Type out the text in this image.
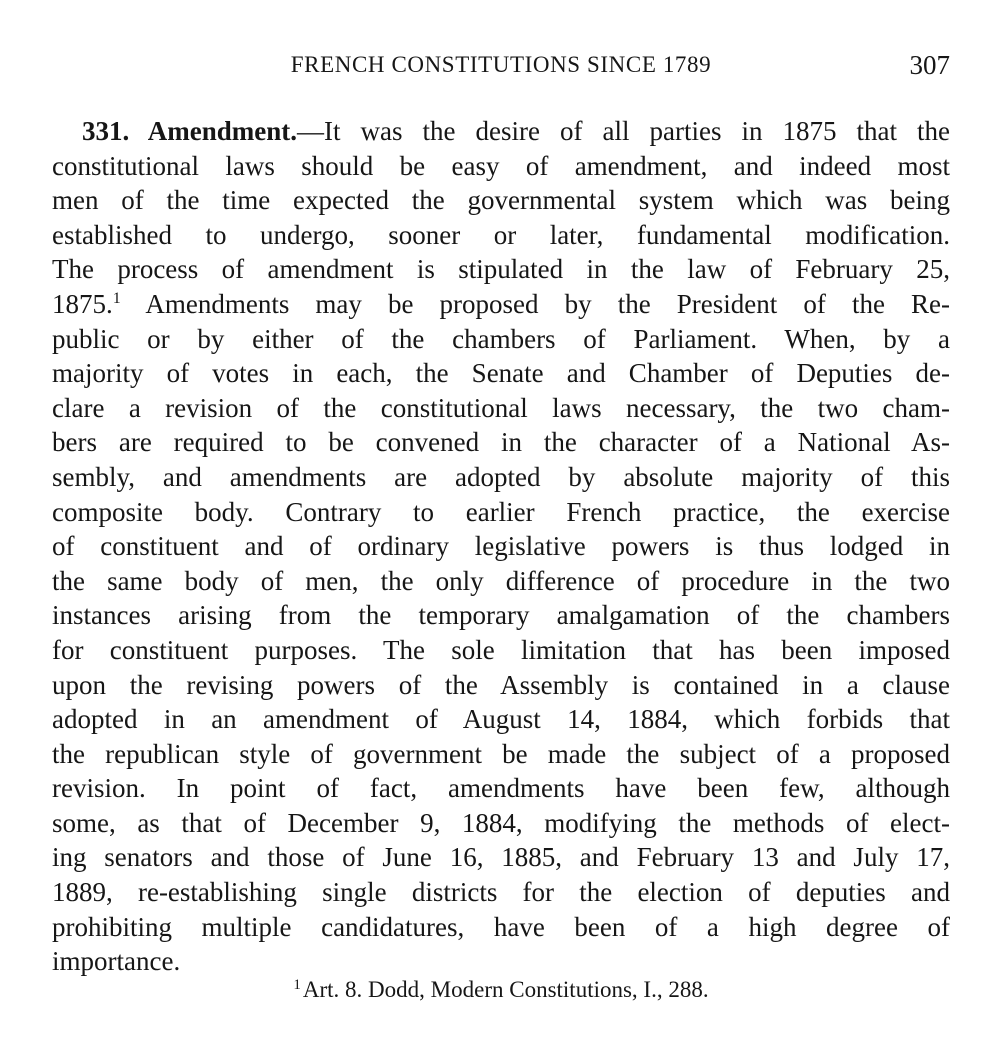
FRENCH CONSTITUTIONS SINCE 1789	307
331. Amendment.—It was the desire of all parties in 1875 that the
constitutional laws should be easy of amendment, and indeed most
men of the time expected the governmental system which was being
established to undergo, sooner or later, fundamental modification.
The process of amendment is stipulated in the law of February 25,
1875.$^1$ Amendments may be proposed by the President of the Re-
public or by either of the chambers of Parliament. When, by a
majority of votes in each, the Senate and Chamber of Deputies de-
clare a revision of the constitutional laws necessary, the two cham-
bers are required to be convened in the character of a National As-
sembly, and amendments are adopted by absolute majority of this
composite body. Contrary to earlier French practice, the exercise
of constituent and of ordinary legislative powers is thus lodged in
the same body of men, the only difference of procedure in the two
instances arising from the temporary amalgamation of the chambers
for constituent purposes. The sole limitation that has been imposed
upon the revising powers of the Assembly is contained in a clause
adopted in an amendment of August 14, 1884, which forbids that
the republican style of government be made the subject of a proposed
revision. In point of fact, amendments have been few, although
some, as that of December 9, 1884, modifying the methods of elect-
ing senators and those of June 16, 1885, and February 13 and July 17,
1889, re-establishing single districts for the election of deputies and
prohibiting multiple candidatures, have been of a high degree of
importance.
$^1$Art. 8. Dodd, Modern Constitutions, I., 288.
